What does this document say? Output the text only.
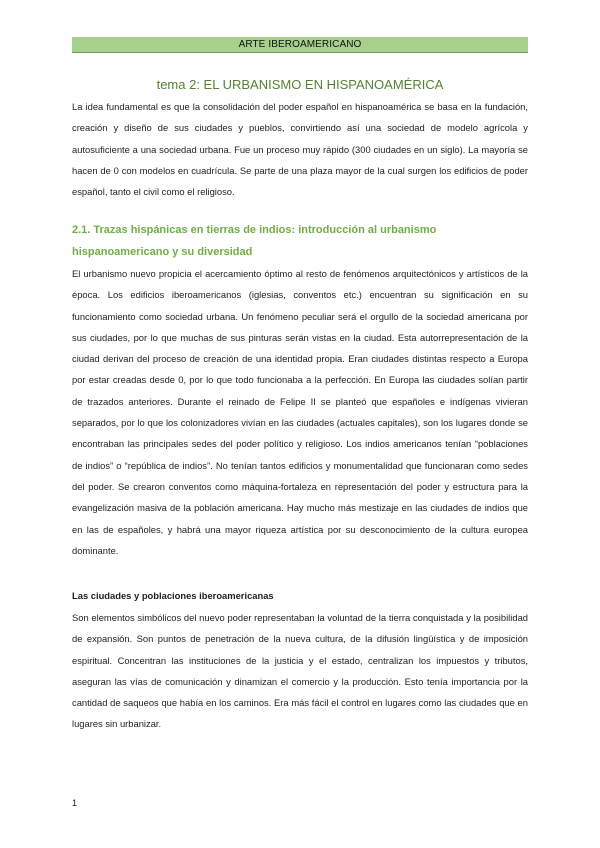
ARTE IBEROAMERICANO
tema 2: EL URBANISMO EN HISPANOAMÉRICA

La idea fundamental es que la consolidación del poder español en hispanoamérica se basa en la fundación, creación y diseño de sus ciudades y pueblos, convirtiendo así una sociedad de modelo agrícola y autosuficiente a una sociedad urbana. Fue un proceso muy rápido (300 ciudades en un siglo). La mayoría se hacen de 0 con modelos en cuadrícula. Se parte de una plaza mayor de la cual surgen los edificios de poder español, tanto el civil como el religioso.

2.1. Trazas hispánicas en tierras de indios: introducción al urbanismo hispanoamericano y su diversidad

El urbanismo nuevo propicia el acercamiento óptimo al resto de fenómenos arquitectónicos y artísticos de la época. Los edificios iberoamericanos (iglesias, conventos etc.) encuentran su significación en su funcionamiento como sociedad urbana. Un fenómeno peculiar será el orgullo de la sociedad americana por sus ciudades, por lo que muchas de sus pinturas serán vistas en la ciudad. Esta autorrepresentación de la ciudad derivan del proceso de creación de una identidad propia. Eran ciudades distintas respecto a Europa por estar creadas desde 0, por lo que todo funcionaba a la perfección. En Europa las ciudades solían partir de trazados anteriores. Durante el reinado de Felipe II se planteó que españoles e indígenas vivieran separados, por lo que los colonizadores vivían en las ciudades (actuales capitales), son los lugares donde se encontraban las principales sedes del poder político y religioso. Los indios americanos tenían “poblaciones de indios” o “república de indios”. No tenían tantos edificios y monumentalidad que funcionaran como sedes del poder. Se crearon conventos como máquina-fortaleza en representación del poder y estructura para la evangelización masiva de la población americana. Hay mucho más mestizaje en las ciudades de indios que en las de españoles, y habrá una mayor riqueza artística por su desconocimiento de la cultura europea dominante.

Las ciudades y poblaciones iberoamericanas

Son elementos simbólicos del nuevo poder representaban la voluntad de la tierra conquistada y la posibilidad de expansión. Son puntos de penetración de la nueva cultura, de la difusión lingüística y de imposición espiritual. Concentran las instituciones de la justicia y el estado, centralizan los impuestos y tributos, aseguran las vías de comunicación y dinamizan el comercio y la producción. Esto tenía importancia por la cantidad de saqueos que había en los caminos. Era más fácil el control en lugares como las ciudades que en lugares sin urbanizar.

1
